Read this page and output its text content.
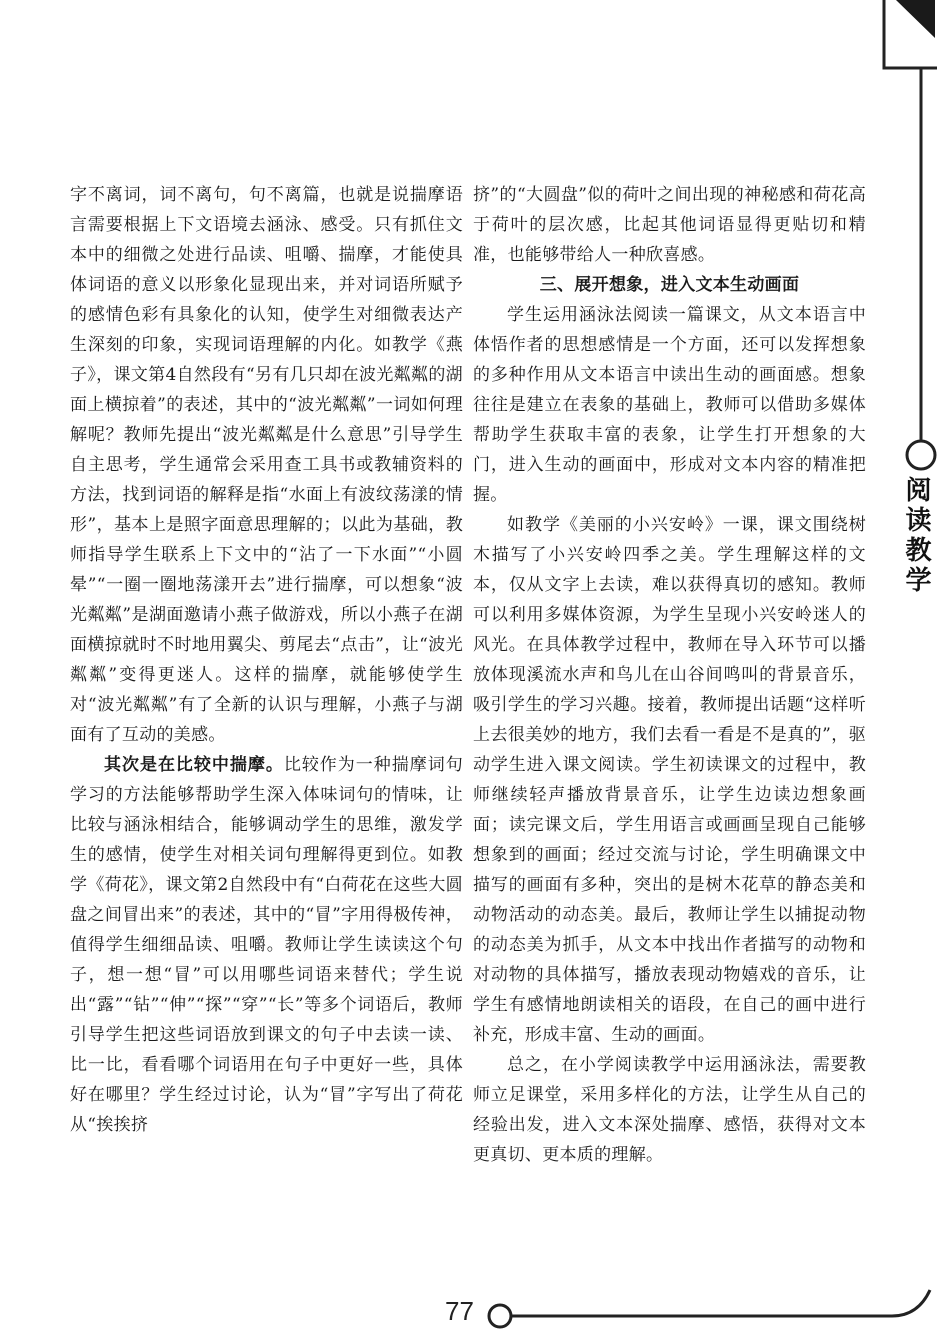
字不离词，词不离句，句不离篇，也就是说揣摩语言需要根据上下文语境去涵泳、感受。只有抓住文本中的细微之处进行品读、咀嚼、揣摩，才能使具体词语的意义以形象化显现出来，并对词语所赋予的感情色彩有具象化的认知，使学生对细微表达产生深刻的印象，实现词语理解的内化。如教学《燕子》，课文第4自然段有“另有几只却在波光粼粼的湖面上横掠着”的表述，其中的“波光粼粼”一词如何理解呢？教师先提出“波光粼粼是什么意思”引导学生自主思考，学生通常会采用查工具书或教辅资料的方法，找到词语的解释是指“水面上有波纹荡漾的情形”，基本上是照字面意思理解的；以此为基础，教师指导学生联系上下文中的“沾了一下水面”“小圆晕”“一圈一圈地荡漾开去”进行揣摩，可以想象“波光粼粼”是湖面邀请小燕子做游戏，所以小燕子在湖面横掠就时不时地用翼尖、剪尾去“点击”，让“波光粼粼”变得更迷人。这样的揣摩，就能够使学生对“波光粼粼”有了全新的认识与理解，小燕子与湖面有了互动的美感。

其次是在比较中揣摩。比较作为一种揣摩词句学习的方法能够帮助学生深入体味词句的情味，让比较与涵泳相结合，能够调动学生的思维，激发学生的感情，使学生对相关词句理解得更到位。如教学《荷花》，课文第2自然段中有“白荷花在这些大圆盘之间冒出来”的表述，其中的“冒”字用得极传神，值得学生细细品读、咀嚼。教师让学生读读这个句子，想一想“冒”可以用哪些词语来替代；学生说出“露”“钻”“伸”“探”“穿”“长”等多个词语后，教师引导学生把这些词语放到课文的句子中去读一读、比一比，看看哪个词语用在句子中更好一些，具体好在哪里？学生经过讨论，认为“冒”字写出了荷花从“挨挨挤

挤”的“大圆盘”似的荷叶之间出现的神秘感和荷花高于荷叶的层次感，比起其他词语显得更贴切和精准，也能够带给人一种欣喜感。

三、展开想象，进入文本生动画面

学生运用涵泳法阅读一篇课文，从文本语言中体悟作者的思想感情是一个方面，还可以发挥想象的多种作用从文本语言中读出生动的画面感。想象往往是建立在表象的基础上，教师可以借助多媒体帮助学生获取丰富的表象，让学生打开想象的大门，进入生动的画面中，形成对文本内容的精准把握。

如教学《美丽的小兴安岭》一课，课文围绕树木描写了小兴安岭四季之美。学生理解这样的文本，仅从文字上去读，难以获得真切的感知。教师可以利用多媒体资源，为学生呈现小兴安岭迷人的风光。在具体教学过程中，教师在导入环节可以播放体现溪流水声和鸟儿在山谷间鸣叫的背景音乐，吸引学生的学习兴趣。接着，教师提出话题“这样听上去很美妙的地方，我们去看一看是不是真的”，驱动学生进入课文阅读。学生初读课文的过程中，教师继续轻声播放背景音乐，让学生边读边想象画面；读完课文后，学生用语言或画画呈现自己能够想象到的画面；经过交流与讨论，学生明确课文中描写的画面有多种，突出的是树木花草的静态美和动物活动的动态美。最后，教师让学生以捕捉动物的动态美为抓手，从文本中找出作者描写的动物和对动物的具体描写，播放表现动物嬉戏的音乐，让学生有感情地朗读相关的语段，在自己的画中进行补充，形成丰富、生动的画面。

总之，在小学阅读教学中运用涵泳法，需要教师立足课堂，采用多样化的方法，让学生从自己的经验出发，进入文本深处揣摩、感悟，获得对文本更真切、更本质的理解。

阅读教学
77
